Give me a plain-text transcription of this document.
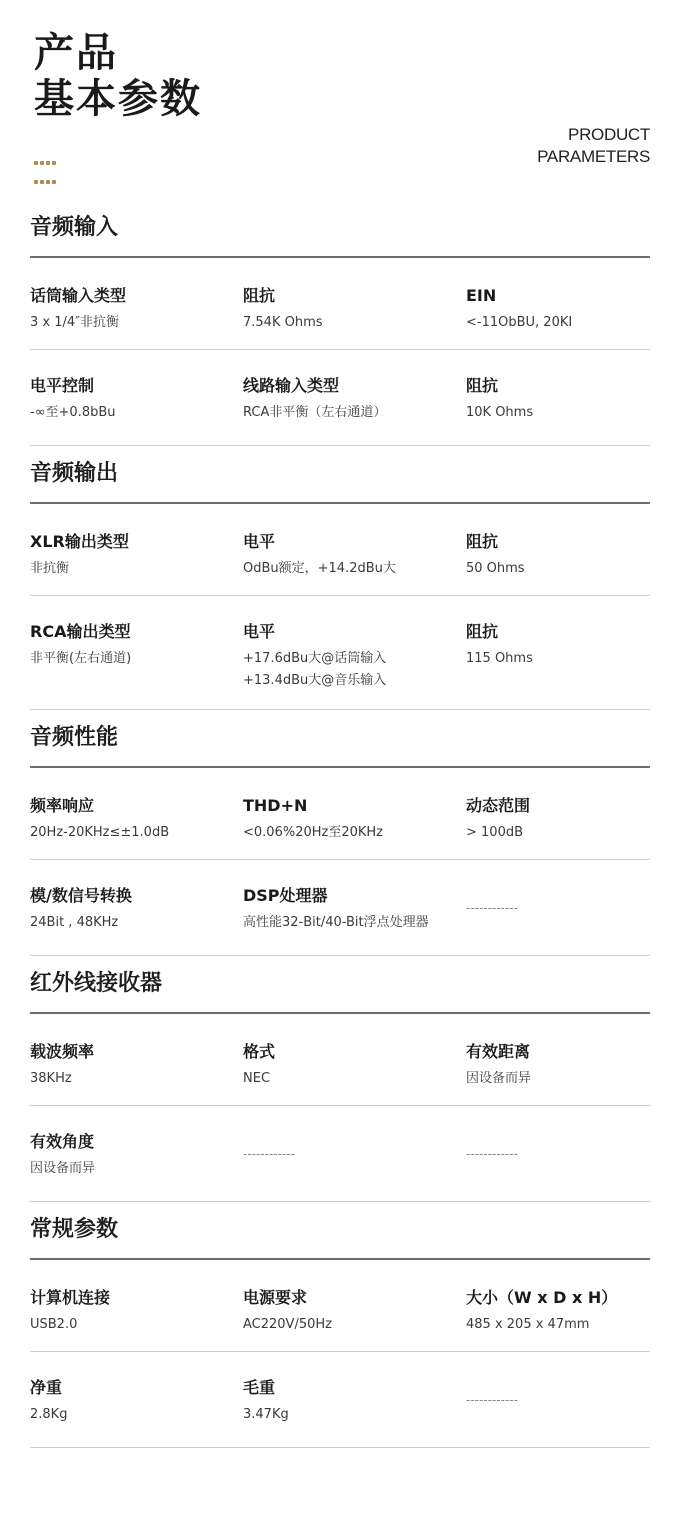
产品
基本参数

PRODUCT
PARAMETERS
音频输入
话筒输入类型
3 x 1/4″非抗衡
阻抗
7.54K Ohms
EIN
<-11ObBU, 20KI
电平控制
-∞至+0.8bBu
线路输入类型
RCA非平衡（左右通道）
阻抗
10K Ohms
音频输出
XLR输出类型
非抗衡
电平
OdBu额定，+14.2dBu大
阻抗
50 Ohms
RCA输出类型
非平衡(左右通道)
电平
+17.6dBu大@话筒输入
+13.4dBu大@音乐输入
阻抗
115 Ohms
音频性能
频率响应
20Hz-20KHz≤±1.0dB
THD+N
<0.06%20Hz至20KHz
动态范围
> 100dB
模/数信号转换
24Bit , 48KHz
DSP处理器
高性能32-Bit/40-Bit浮点处理器
------------
红外线接收器
载波频率
38KHz
格式
NEC
有效距离
因设备而异
有效角度
因设备而异
------------	------------
常规参数
计算机连接
USB2.0
电源要求
AC220V/50Hz
大小（W x D x H）
485 x 205 x 47mm
净重
2.8Kg
毛重
3.47Kg
------------
